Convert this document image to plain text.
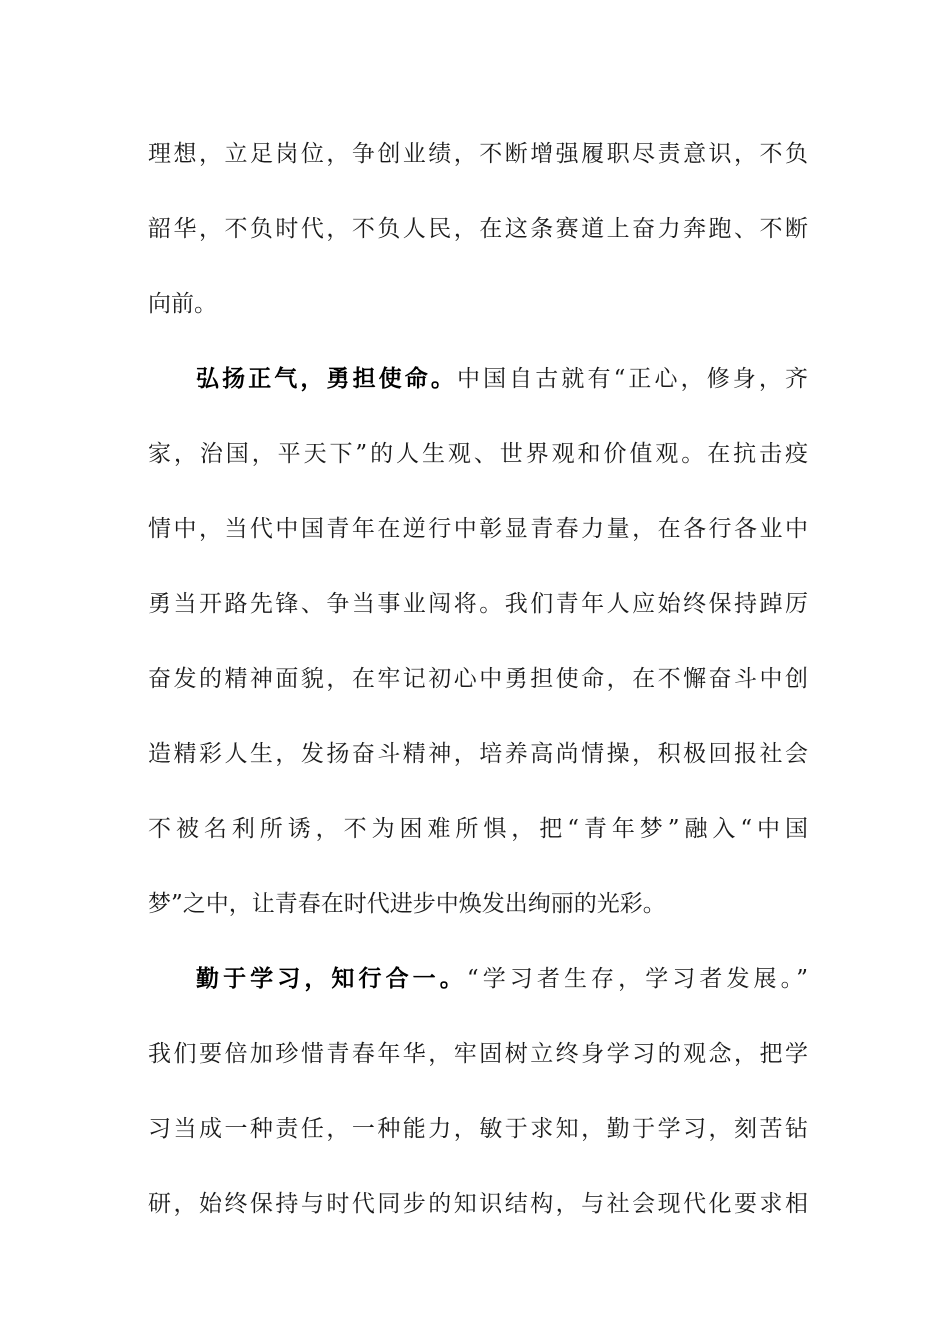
理想，立足岗位，争创业绩，不断增强履职尽责意识，不负
韶华，不负时代，不负人民，在这条赛道上奋力奔跑、不断
向前。
弘扬正气，勇担使命。中国自古就有“正心，修身，齐
家，治国，平天下”的人生观、世界观和价值观。在抗击疫
情中，当代中国青年在逆行中彰显青春力量，在各行各业中
勇当开路先锋、争当事业闯将。我们青年人应始终保持踔厉
奋发的精神面貌，在牢记初心中勇担使命，在不懈奋斗中创
造精彩人生，发扬奋斗精神，培养高尚情操，积极回报社会
不被名利所诱，不为困难所惧，把“青年梦”融入“中国
梦”之中，让青春在时代进步中焕发出绚丽的光彩。
勤于学习，知行合一。“学习者生存，学习者发展。”
我们要倍加珍惜青春年华，牢固树立终身学习的观念，把学
习当成一种责任，一种能力，敏于求知，勤于学习，刻苦钻
研，始终保持与时代同步的知识结构，与社会现代化要求相
